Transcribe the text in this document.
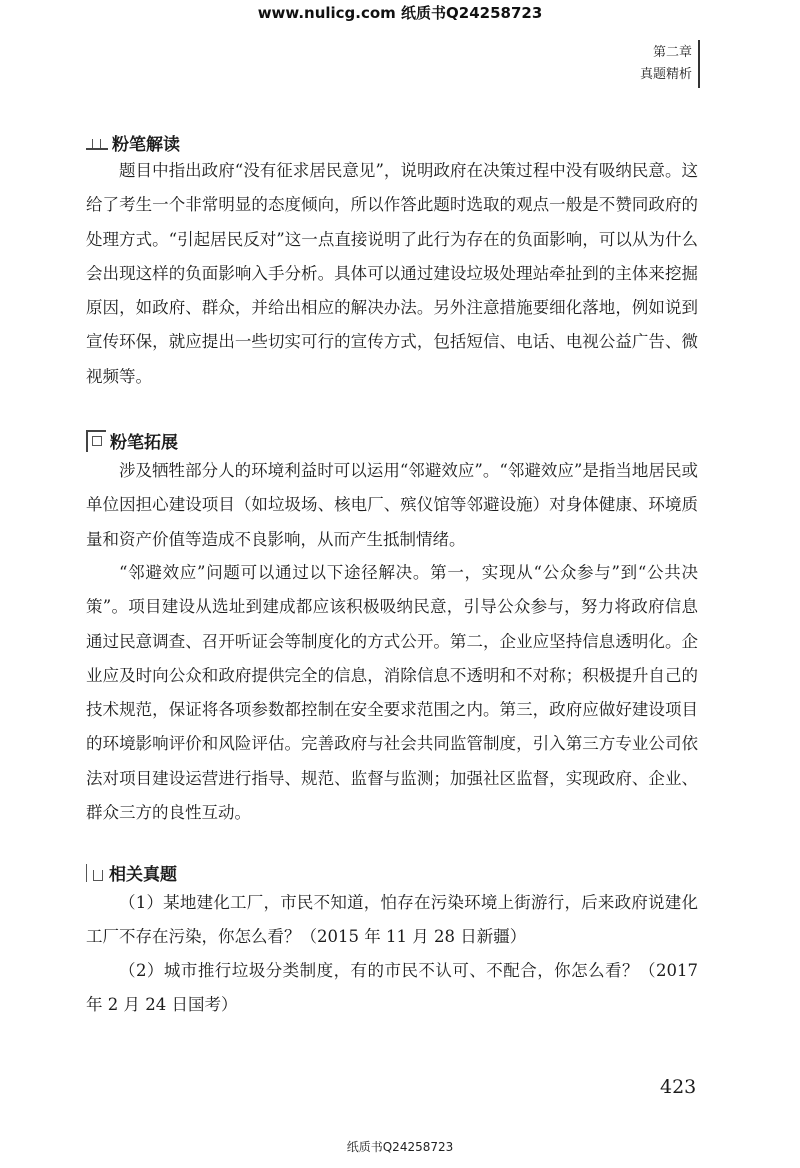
www.nulicg.com 纸质书Q24258723
第二章
真题精析
粉笔解读

题目中指出政府“没有征求居民意见”，说明政府在决策过程中没有吸纳民意。这给了考生一个非常明显的态度倾向，所以作答此题时选取的观点一般是不赞同政府的处理方式。“引起居民反对”这一点直接说明了此行为存在的负面影响，可以从为什么会出现这样的负面影响入手分析。具体可以通过建设垃圾处理站牵扯到的主体来挖掘原因，如政府、群众，并给出相应的解决办法。另外注意措施要细化落地，例如说到宣传环保，就应提出一些切实可行的宣传方式，包括短信、电话、电视公益广告、微视频等。

粉笔拓展

涉及牺牲部分人的环境利益时可以运用“邻避效应”。“邻避效应”是指当地居民或单位因担心建设项目（如垃圾场、核电厂、殡仪馆等邻避设施）对身体健康、环境质量和资产价值等造成不良影响，从而产生抵制情绪。

“邻避效应”问题可以通过以下途径解决。第一，实现从“公众参与”到“公共决策”。项目建设从选址到建成都应该积极吸纳民意，引导公众参与，努力将政府信息通过民意调查、召开听证会等制度化的方式公开。第二，企业应坚持信息透明化。企业应及时向公众和政府提供完全的信息，消除信息不透明和不对称；积极提升自己的技术规范，保证将各项参数都控制在安全要求范围之内。第三，政府应做好建设项目的环境影响评价和风险评估。完善政府与社会共同监管制度，引入第三方专业公司依法对项目建设运营进行指导、规范、监督与监测；加强社区监督，实现政府、企业、群众三方的良性互动。

相关真题

（1）某地建化工厂，市民不知道，怕存在污染环境上街游行，后来政府说建化工厂不存在污染，你怎么看？（2015 年 11 月 28 日新疆）

（2）城市推行垃圾分类制度，有的市民不认可、不配合，你怎么看？（2017 年 2 月 24 日国考）

423
纸质书Q24258723
